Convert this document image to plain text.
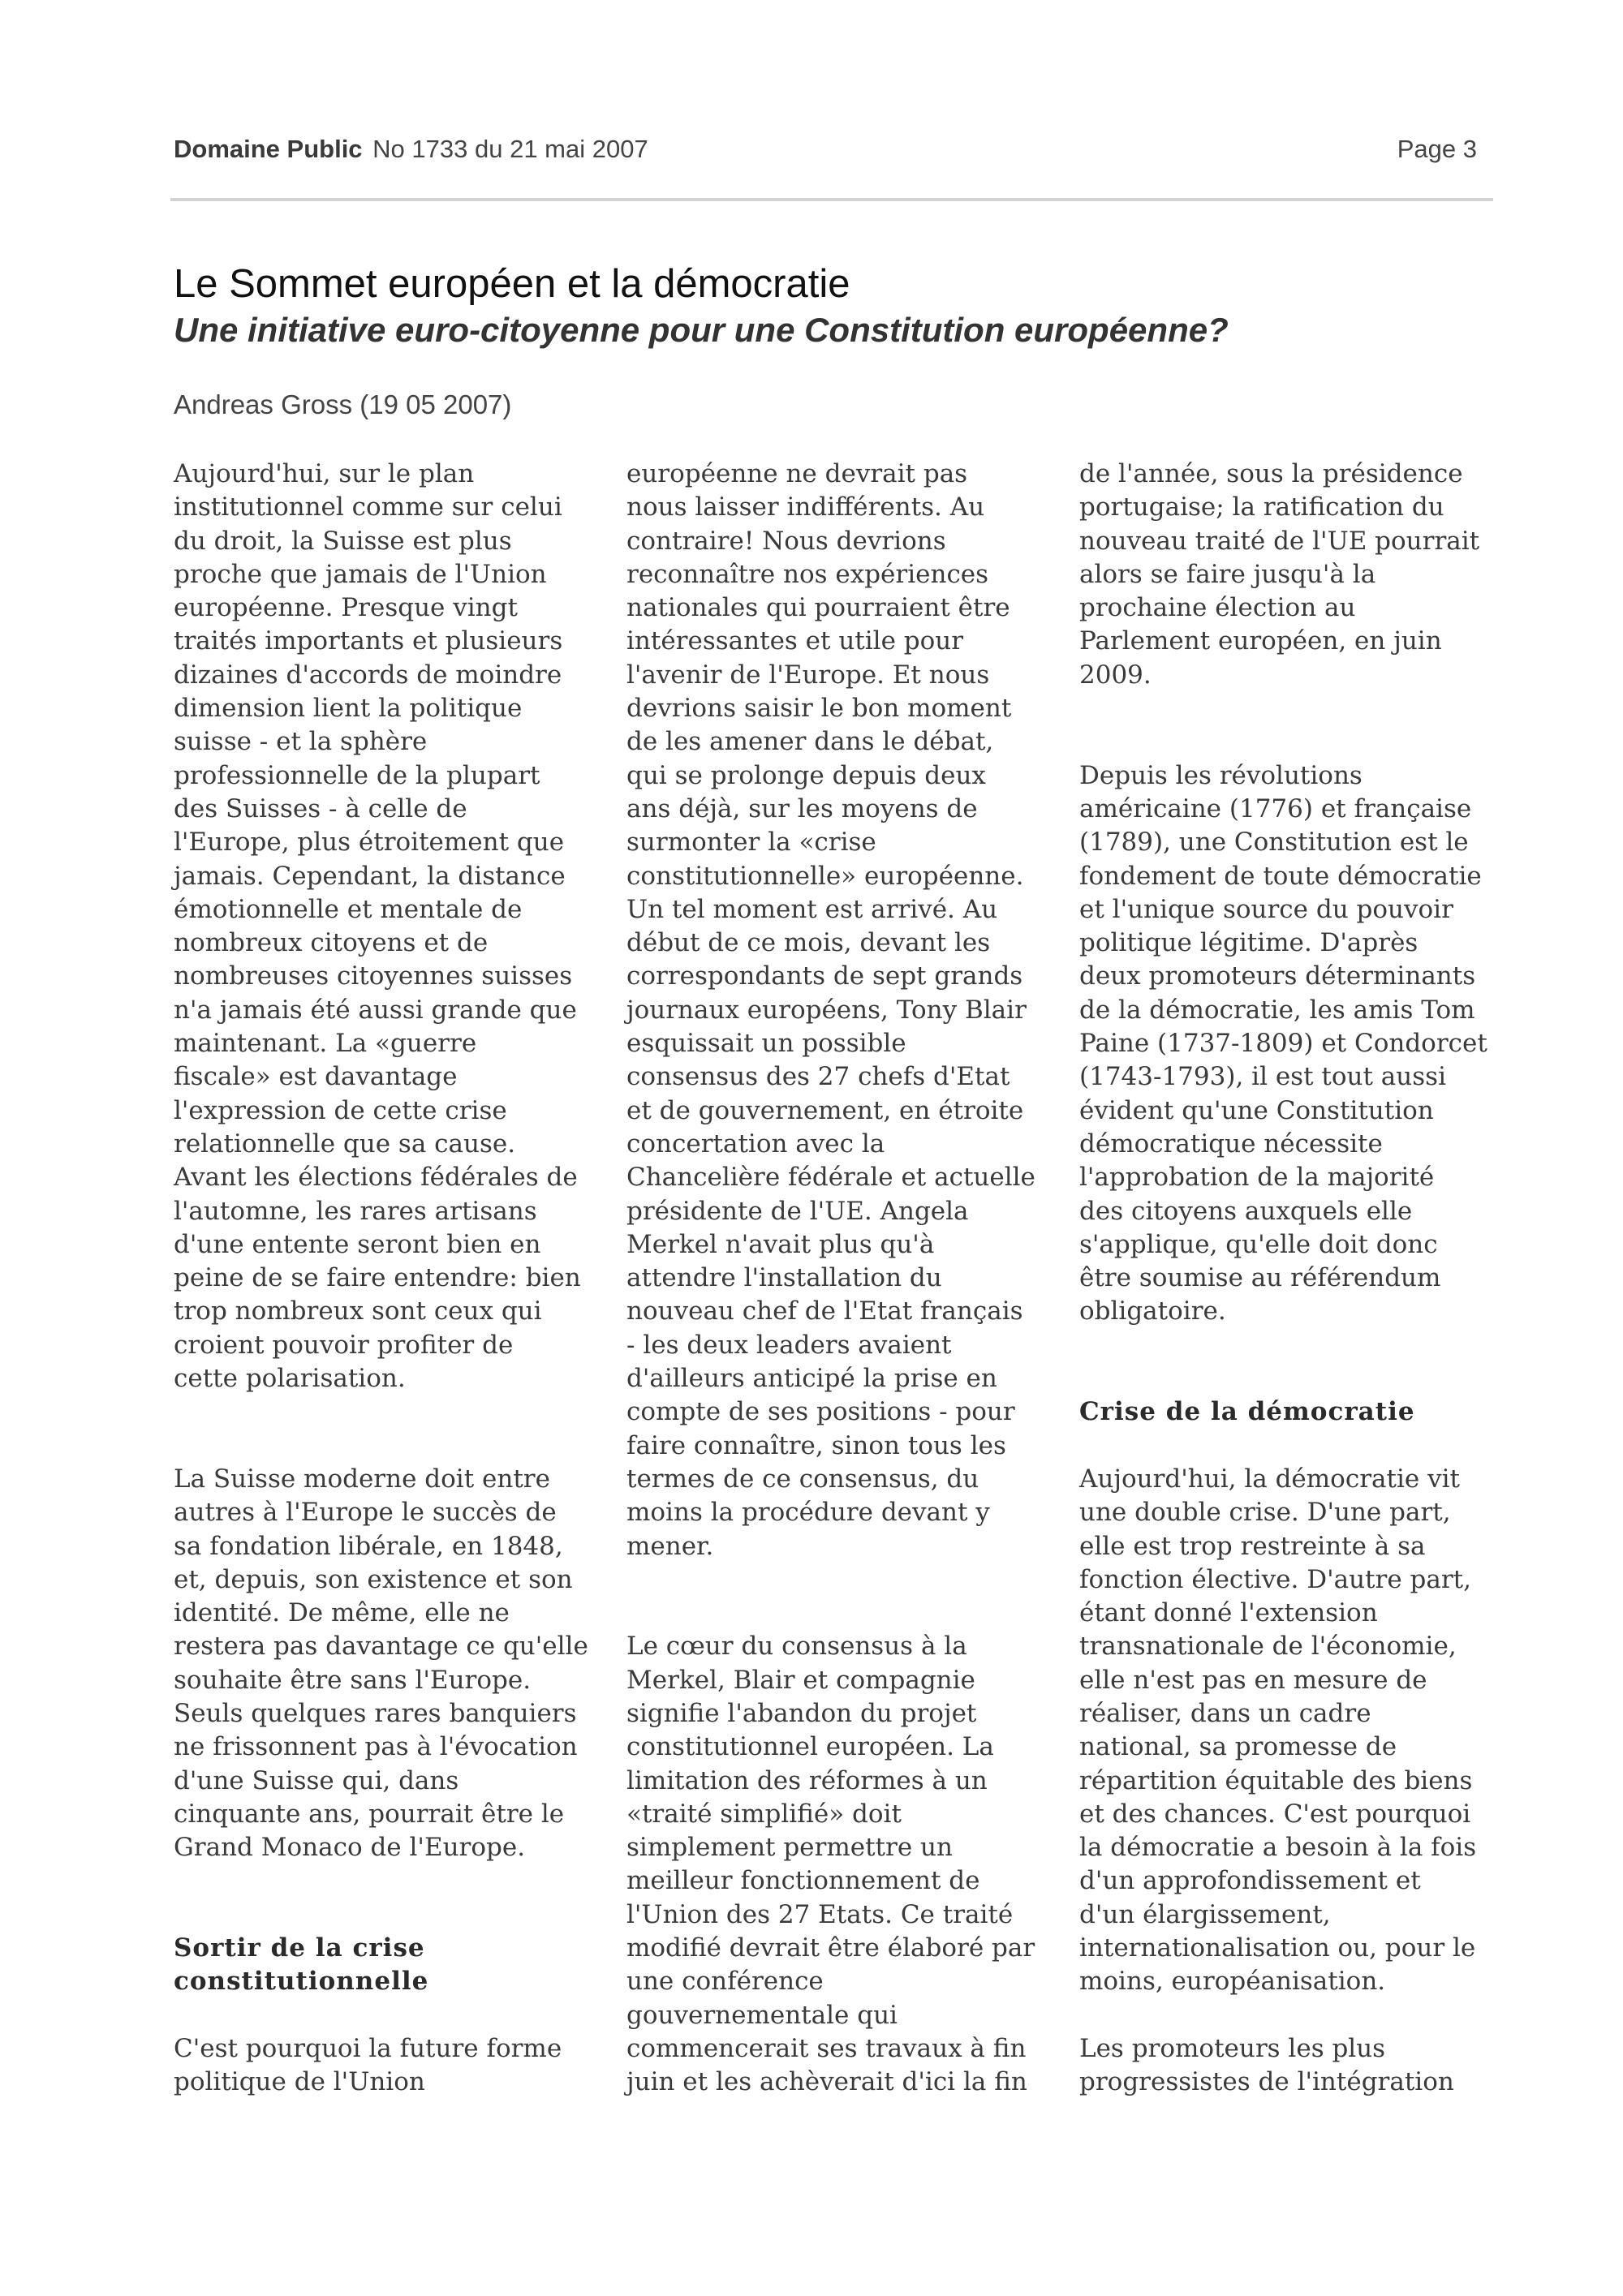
Domaine Public No 1733 du 21 mai 2007	Page 3
Le Sommet européen et la démocratie
Une initiative euro-citoyenne pour une Constitution européenne?

Andreas Gross (19 05 2007)

Aujourd'hui, sur le plan
institutionnel comme sur celui
du droit, la Suisse est plus
proche que jamais de l'Union
européenne. Presque vingt
traités importants et plusieurs
dizaines d'accords de moindre
dimension lient la politique
suisse - et la sphère
professionnelle de la plupart
des Suisses - à celle de
l'Europe, plus étroitement que
jamais. Cependant, la distance
émotionnelle et mentale de
nombreux citoyens et de
nombreuses citoyennes suisses
n'a jamais été aussi grande que
maintenant. La «guerre
fiscale» est davantage
l'expression de cette crise
relationnelle que sa cause.
Avant les élections fédérales de
l'automne, les rares artisans
d'une entente seront bien en
peine de se faire entendre: bien
trop nombreux sont ceux qui
croient pouvoir profiter de
cette polarisation.
La Suisse moderne doit entre
autres à l'Europe le succès de
sa fondation libérale, en 1848,
et, depuis, son existence et son
identité. De même, elle ne
restera pas davantage ce qu'elle
souhaite être sans l'Europe.
Seuls quelques rares banquiers
ne frissonnent pas à l'évocation
d'une Suisse qui, dans
cinquante ans, pourrait être le
Grand Monaco de l'Europe.
Sortir de la crise
constitutionnelle
C'est pourquoi la future forme
politique de l'Union
européenne ne devrait pas
nous laisser indifférents. Au
contraire! Nous devrions
reconnaître nos expériences
nationales qui pourraient être
intéressantes et utile pour
l'avenir de l'Europe. Et nous
devrions saisir le bon moment
de les amener dans le débat,
qui se prolonge depuis deux
ans déjà, sur les moyens de
surmonter la «crise
constitutionnelle» européenne.
Un tel moment est arrivé. Au
début de ce mois, devant les
correspondants de sept grands
journaux européens, Tony Blair
esquissait un possible
consensus des 27 chefs d'Etat
et de gouvernement, en étroite
concertation avec la
Chancelière fédérale et actuelle
présidente de l'UE. Angela
Merkel n'avait plus qu'à
attendre l'installation du
nouveau chef de l'Etat français
- les deux leaders avaient
d'ailleurs anticipé la prise en
compte de ses positions - pour
faire connaître, sinon tous les
termes de ce consensus, du
moins la procédure devant y
mener.
Le cœur du consensus à la
Merkel, Blair et compagnie
signifie l'abandon du projet
constitutionnel européen. La
limitation des réformes à un
«traité simplifié» doit
simplement permettre un
meilleur fonctionnement de
l'Union des 27 Etats. Ce traité
modifié devrait être élaboré par
une conférence
gouvernementale qui
commencerait ses travaux à fin
juin et les achèverait d'ici la fin
de l'année, sous la présidence
portugaise; la ratification du
nouveau traité de l'UE pourrait
alors se faire jusqu'à la
prochaine élection au
Parlement européen, en juin
2009.
Depuis les révolutions
américaine (1776) et française
(1789), une Constitution est le
fondement de toute démocratie
et l'unique source du pouvoir
politique légitime. D'après
deux promoteurs déterminants
de la démocratie, les amis Tom
Paine (1737-1809) et Condorcet
(1743-1793), il est tout aussi
évident qu'une Constitution
démocratique nécessite
l'approbation de la majorité
des citoyens auxquels elle
s'applique, qu'elle doit donc
être soumise au référendum
obligatoire.
Crise de la démocratie
Aujourd'hui, la démocratie vit
une double crise. D'une part,
elle est trop restreinte à sa
fonction élective. D'autre part,
étant donné l'extension
transnationale de l'économie,
elle n'est pas en mesure de
réaliser, dans un cadre
national, sa promesse de
répartition équitable des biens
et des chances. C'est pourquoi
la démocratie a besoin à la fois
d'un approfondissement et
d'un élargissement,
internationalisation ou, pour le
moins, européanisation.
Les promoteurs les plus
progressistes de l'intégration
